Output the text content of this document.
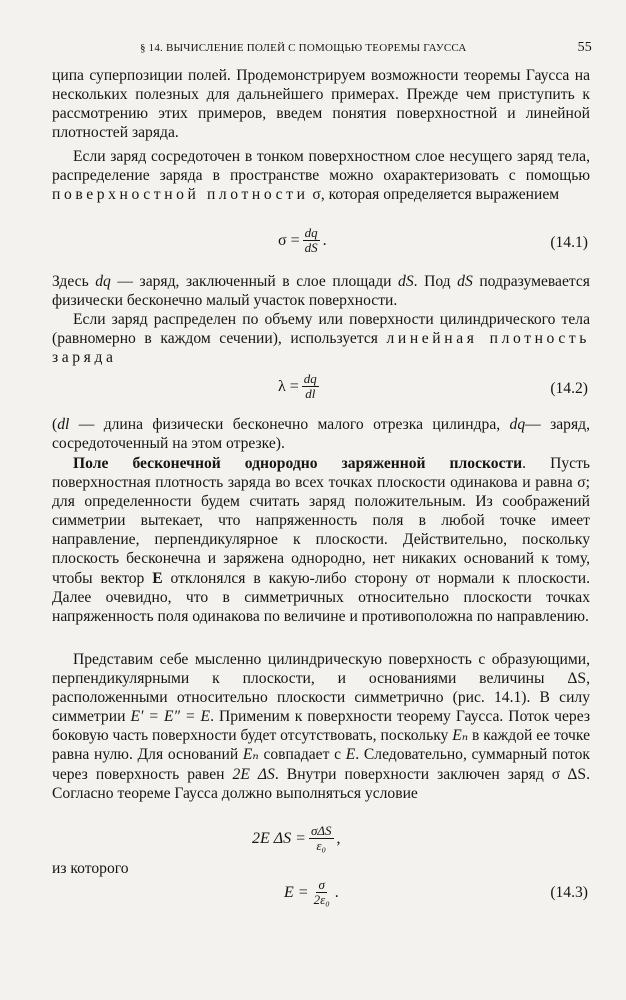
§ 14. ВЫЧИСЛЕНИЕ ПОЛЕЙ С ПОМОЩЬЮ ТЕОРЕМЫ ГАУССА	55
ципа суперпозиции полей. Продемонстрируем возможности теоремы Гаусса на нескольких полезных для дальнейшего примерах. Прежде чем приступить к рассмотрению этих примеров, введем понятия поверхностной и линейной плотностей заряда.
Если заряд сосредоточен в тонком поверхностном слое несущего заряд тела, распределение заряда в пространстве можно охарактеризовать с помощью поверхностной плотности σ, которая определяется выражением
$\sigma = \frac{dq}{dS}$ .	(14.1)
Здесь dq — заряд, заключенный в слое площади dS. Под dS подразумевается физически бесконечно малый участок поверхности.
Если заряд распределен по объему или поверхности цилиндрического тела (равномерно в каждом сечении), используется линейная плотность заряда
$\lambda = \frac{dq}{dl}$	(14.2)
(dl — длина физически бесконечно малого отрезка цилиндра, dq— заряд, сосредоточенный на этом отрезке).
Поле бесконечной однородно заряженной плоскости. Пусть поверхностная плотность заряда во всех точках плоскости одинакова и равна σ; для определенности будем считать заряд положительным. Из соображений симметрии вытекает, что напряженность поля в любой точке имеет направление, перпендикулярное к плоскости. Действительно, поскольку плоскость бесконечна и заряжена однородно, нет никаких оснований к тому, чтобы вектор E отклонялся в какую-либо сторону от нормали к плоскости. Далее очевидно, что в симметричных относительно плоскости точках напряженность поля одинакова по величине и противоположна по направлению.
Представим себе мысленно цилиндрическую поверхность с образующими, перпендикулярными к плоскости, и основаниями величины ΔS, расположенными относительно плоскости симметрично (рис. 14.1). В силу симметрии E′ = E″ = E. Применим к поверхности теорему Гаусса. Поток через боковую часть поверхности будет отсутствовать, поскольку Eₙ в каждой ее точке равна нулю. Для оснований Eₙ совпадает с E. Следовательно, суммарный поток через поверхность равен 2E ΔS. Внутри поверхности заключен заряд σ ΔS. Согласно теореме Гаусса должно выполняться условие
2E $\Delta S = \frac{\text{σΔS}}{\text{ε₀}}$ ,
из которого
$E = \frac{\sigma}{\text{2ε₀}}$ .	(14.3)
